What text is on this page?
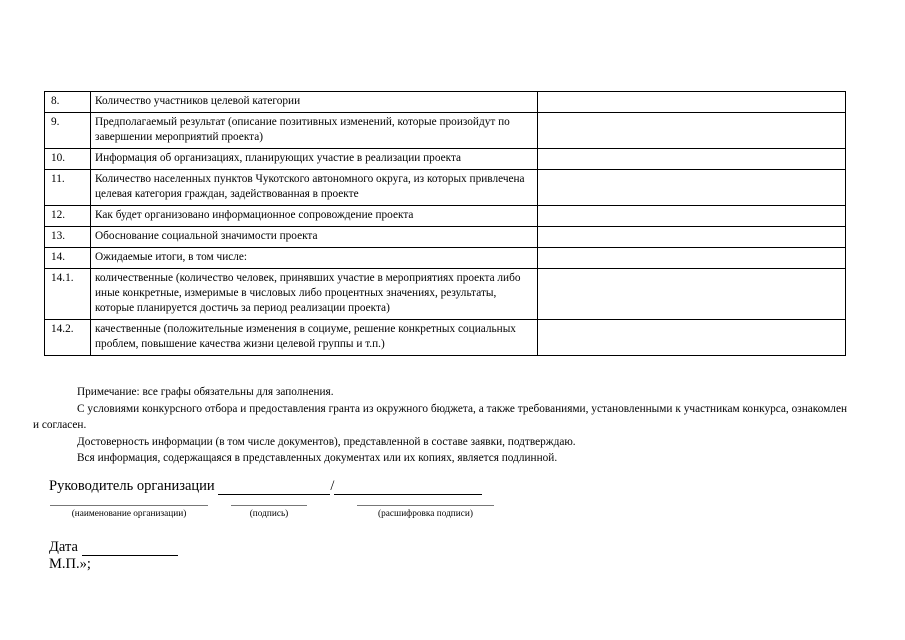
8.	Количество участников целевой категории	
9.	Предполагаемый результат (описание позитивных изменений, которые произойдут по завершении мероприятий проекта)	
10.	Информация об организациях, планирующих участие в реализации проекта	
11.	Количество населенных пунктов Чукотского автономного округа, из которых привлечена целевая категория граждан, задействованная в проекте	
12.	Как будет организовано информационное сопровождение проекта	
13.	Обоснование социальной значимости проекта	
14.	Ожидаемые итоги, в том числе:	
14.1.	количественные (количество человек, принявших участие в мероприятиях проекта либо иные конкретные, измеримые в числовых либо процентных значениях, результаты, которые планируется достичь за период реализации проекта)	
14.2.	качественные (положительные изменения в социуме, решение конкретных социальных проблем, повышение качества жизни целевой группы и т.п.)	

Примечание: все графы обязательны для заполнения.

С условиями конкурсного отбора и предоставления гранта из окружного бюджета, а также требованиями, установленными к участникам конкурса, ознакомлен и согласен.

Достоверность информации (в том числе документов), представленной в составе заявки, подтверждаю.

Вся информация, содержащаяся в представленных документах или их копиях, является подлинной.

Руководитель организации	/
(наименование организации)	(подпись)	(расшифровка подписи)
Дата
М.П.»;
